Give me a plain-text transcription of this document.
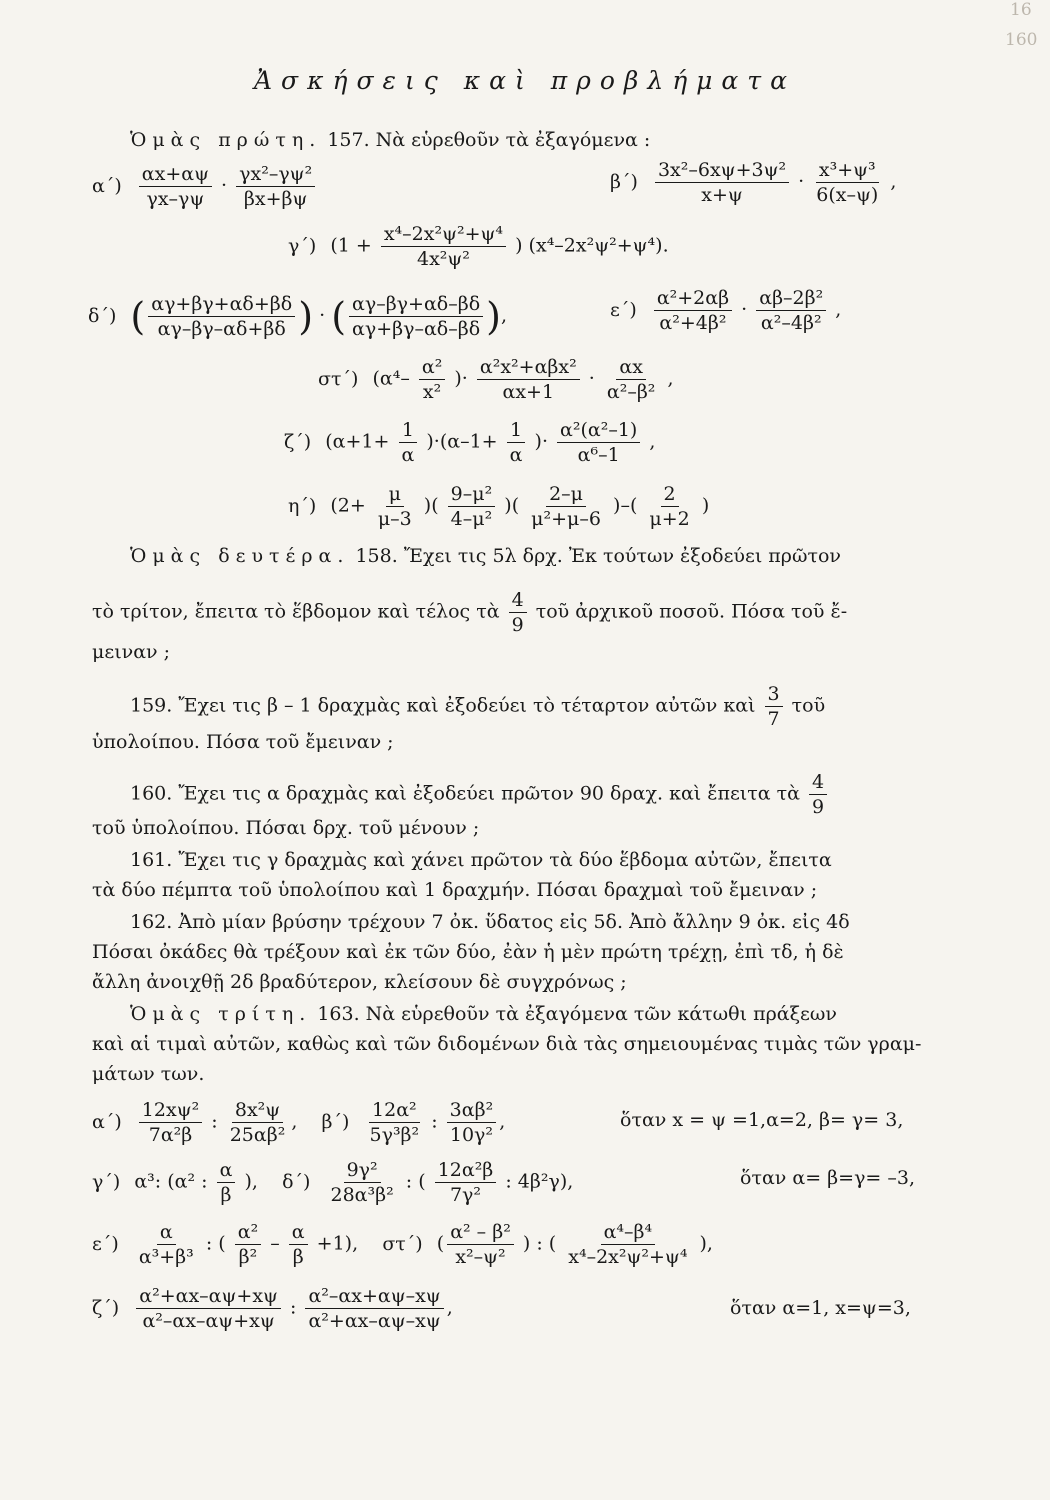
16
160
Ἀσκήσεις καὶ προβλήματα
Ὁμὰς πρώτη. 157. Νὰ εὑρεθοῦν τὰ ἐξαγόμενα :
$\alpha΄) \frac{\alpha x+\alpha\psi}{\gamma x-\gamma\psi} \cdot \frac{\text{γx²–γψ²}}{\beta x+\beta\psi}$	$\beta΄) \frac{\text{3x²–6xψ+3ψ²}}{x+\psi} \cdot \frac{\text{x³+ψ³}}{6(x-\psi)}$ ,
γ΄) ($1 + \frac{\text{x⁴–2x²ψ²+ψ⁴}}{\text{4x²ψ²}}$ ) (x⁴–2x²ψ²+ψ⁴).
δ΄) ( $\frac{\alpha\gamma+\beta\gamma+\alpha\delta+\beta\delta}{\alpha\gamma-\beta\gamma-\alpha\delta+\beta\delta}$ ) · ( $\frac{\alpha\gamma-\beta\gamma+\alpha\delta-\beta\delta}{\alpha\gamma+\beta\gamma-\alpha\delta-\beta\delta}$ ),	$\varepsilon΄) \frac{\text{α²+2αβ}}{\text{α²+4β²}} \cdot \frac{\text{αβ–2β²}}{\text{α²–4β²}}$ ,
στ΄) ($\alpha^4- \frac{\text{α²}}{\text{x²}}$ )· $\frac{\text{α²x²+αβx²}}{\alpha x+1} \cdot \frac{\alpha x}{\text{α²–β²}}$ ,
ζ΄) $(\alpha+1+ \frac{1}{\alpha} )\cdot(\alpha-1+ \frac{1}{\alpha}$ )· $\frac{\text{α²(α²–1)}}{\text{α⁶–1}}$ ,
η΄) ($2+ \frac{\mu}{\mu-3}$ )( $\frac{\text{9–μ²}}{\text{4–μ²}}$ )( $\frac{2-\mu}{\text{μ²+μ–6}}$ )–( $\frac{2}{\mu+2}$ )
Ὁμὰς δευτέρα. 158. Ἔχει τις 5λ δρχ. Ἐκ τούτων ἐξοδεύει πρῶτον
τὸ τρίτον, ἔπειτα τὸ ἕβδομον καὶ τέλος τὰ $\frac{4}{9}$ τοῦ ἀρχικοῦ ποσοῦ. Πόσα τοῦ ἔ-
μειναν ;
159. Ἔχει τις β – 1 δραχμὰς καὶ ἐξοδεύει τὸ τέταρτον αὐτῶν καὶ $\frac{3}{7}$ τοῦ
ὑπολοίπου. Πόσα τοῦ ἔμειναν ;
160. Ἔχει τις α δραχμὰς καὶ ἐξοδεύει πρῶτον 90 δραχ. καὶ ἔπειτα τὰ $\frac{4}{9}$
τοῦ ὑπολοίπου. Πόσαι δρχ. τοῦ μένουν ;
161. Ἔχει τις γ δραχμὰς καὶ χάνει πρῶτον τὰ δύο ἕβδομα αὐτῶν, ἔπειτα
τὰ δύο πέμπτα τοῦ ὑπολοίπου καὶ 1 δραχμήν. Πόσαι δραχμαὶ τοῦ ἔμειναν ;
162. Ἀπὸ μίαν βρύσην τρέχουν 7 ὀκ. ὕδατος εἰς 5δ. Ἀπὸ ἄλλην 9 ὀκ. εἰς 4δ
Πόσαι ὀκάδες θὰ τρέξουν καὶ ἐκ τῶν δύο, ἐὰν ἡ μὲν πρώτη τρέχῃ, ἐπὶ τδ, ἡ δὲ
ἄλλη ἀνοιχθῇ 2δ βραδύτερον, κλείσουν δὲ συγχρόνως ;
Ὁμὰς τρίτη. 163. Νὰ εὑρεθοῦν τὰ ἐξαγόμενα τῶν κάτωθι πράξεων
καὶ αἱ τιμαὶ αὐτῶν, καθὼς καὶ τῶν διδομένων διὰ τὰς σημειουμένας τιμὰς τῶν γραμ-
μάτων των.
$\alpha΄) \frac{\text{12xψ²}}{\text{7α²β}}$ : $\frac{\text{8x²ψ}}{\text{25αβ²}}$ , $\beta΄) \frac{\text{12α²}}{\text{5γ³β²}}$ : $\frac{\text{3αβ²}}{\text{10γ²}}$ ,	ὅταν x = ψ =1,α=2, β= γ= 3,
γ΄) α³: (α² : $\frac{\alpha}{\beta}$ ), $\delta΄) \frac{\text{9γ²}}{\text{28α³β²}}$ : ( $\frac{\text{12α²β}}{\text{7γ²}}$ : 4β²γ),	ὅταν α= β=γ= –3,
$\varepsilon΄) \frac{\alpha}{\text{α³+β³}}$ : ( $\frac{\text{α²}}{\text{β²}} - \frac{\alpha}{\beta} +1$), στ΄) ( $\frac{\text{α² – β²}}{\text{x²–ψ²}}$ ) : ( $\frac{\text{α⁴–β⁴}}{\text{x⁴–2x²ψ²+ψ⁴}}$ ),
$\zeta΄) \frac{\text{α²+αx–αψ+xψ}}{\text{α²–αx–αψ+xψ}}$ : $\frac{\text{α²–αx+αψ–xψ}}{\text{α²+αx–αψ–xψ}}$ ,	ὅταν α=1, x=ψ=3,
